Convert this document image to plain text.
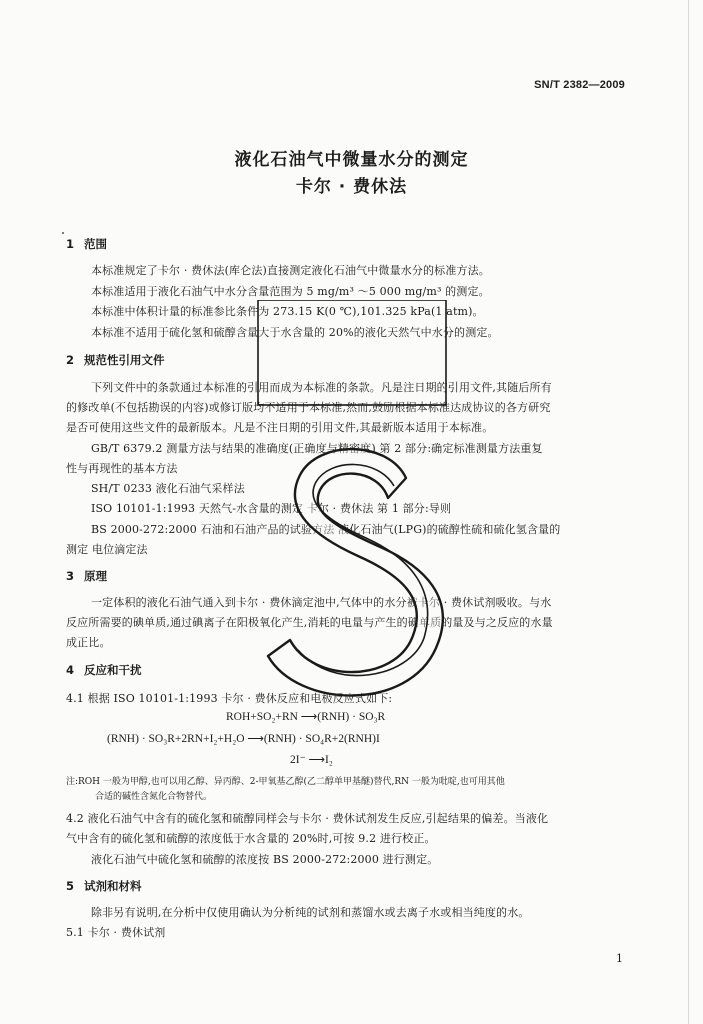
SN/T 2382—2009
液化石油气中微量水分的测定
卡尔 · 费休法
1 范围
本标准规定了卡尔 · 费休法(库仑法)直接测定液化石油气中微量水分的标准方法。
本标准适用于液化石油气中水分含量范围为 5 mg/m³ ～5 000 mg/m³ 的测定。
本标准中体积计量的标准参比条件为 273.15 K(0 ℃),101.325 kPa(1 atm)。
本标准不适用于硫化氢和硫醇含量大于水含量的 20%的液化天然气中水分的测定。
2 规范性引用文件
下列文件中的条款通过本标准的引用而成为本标准的条款。凡是注日期的引用文件,其随后所有
的修改单(不包括勘误的内容)或修订版均不适用于本标准,然而,鼓励根据本标准达成协议的各方研究
是否可使用这些文件的最新版本。凡是不注日期的引用文件,其最新版本适用于本标准。
GB/T 6379.2 测量方法与结果的准确度(正确度与精密度) 第 2 部分:确定标准测量方法重复
性与再现性的基本方法
SH/T 0233 液化石油气采样法
ISO 10101-1:1993 天然气-水含量的测定 卡尔 · 费休法 第 1 部分:导则
BS 2000-272:2000 石油和石油产品的试验方法 液化石油气(LPG)的硫醇性硫和硫化氢含量的
测定 电位滴定法
3 原理
一定体积的液化石油气通入到卡尔 · 费休滴定池中,气体中的水分被卡尔 · 费休试剂吸收。与水
反应所需要的碘单质,通过碘离子在阳极氧化产生,消耗的电量与产生的碘单质的量及与之反应的水量
成正比。
4 反应和干扰
4.1 根据 ISO 10101-1:1993 卡尔 · 费休反应和电极反应式如下:
ROH+SO₂+RN ⟶(RNH) · SO₃R
(RNH) · SO₃R+2RN+I₂+H₂O ⟶(RNH) · SO₄R+2(RNH)I
2I⁻ ⟶I₂
注:ROH 一般为甲醇,也可以用乙醇、异丙醇、2-甲氧基乙醇(乙二醇单甲基醚)替代,RN 一般为吡啶,也可用其他
合适的碱性含氮化合物替代。
4.2 液化石油气中含有的硫化氢和硫醇同样会与卡尔 · 费休试剂发生反应,引起结果的偏差。当液化
气中含有的硫化氢和硫醇的浓度低于水含量的 20%时,可按 9.2 进行校正。
液化石油气中硫化氢和硫醇的浓度按 BS 2000-272:2000 进行测定。
5 试剂和材料
除非另有说明,在分析中仅使用确认为分析纯的试剂和蒸馏水或去离子水或相当纯度的水。
5.1 卡尔 · 费休试剂
1
